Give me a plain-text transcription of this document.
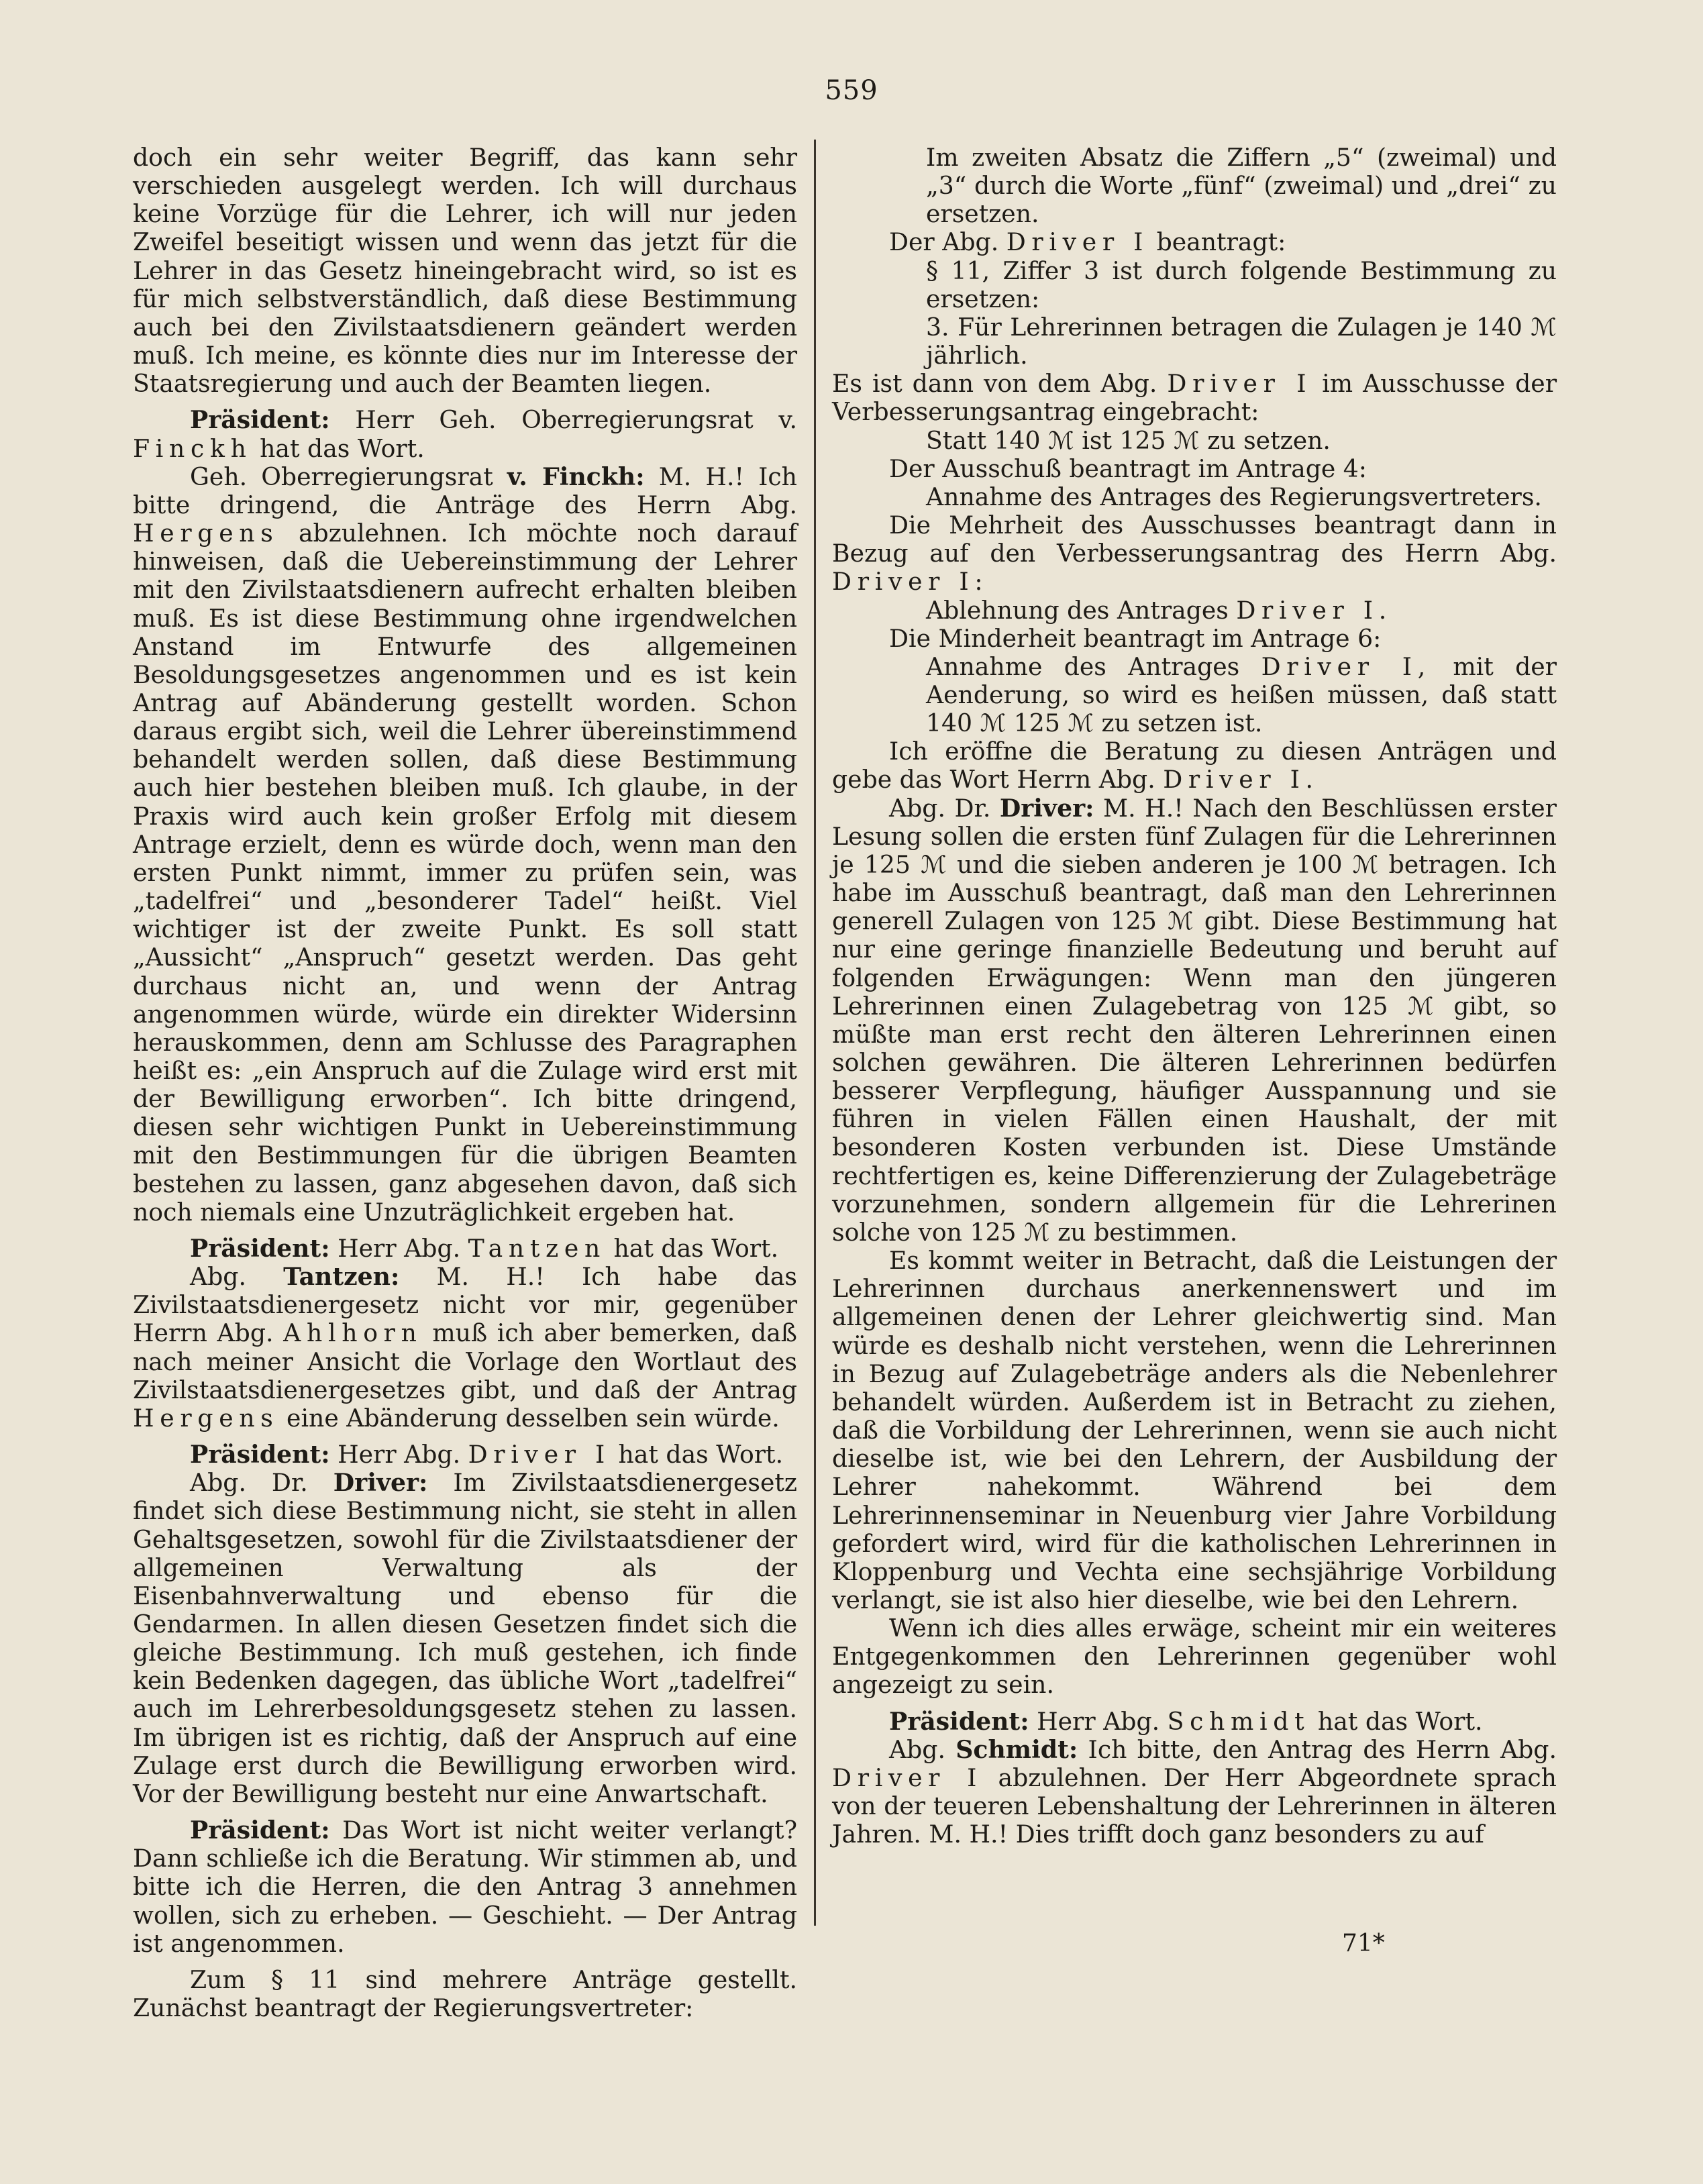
559

doch ein sehr weiter Begriff, das kann sehr verschieden ausgelegt werden. Ich will durchaus keine Vorzüge für die Lehrer, ich will nur jeden Zweifel beseitigt wissen und wenn das jetzt für die Lehrer in das Gesetz hineingebracht wird, so ist es für mich selbstverständlich, daß diese Bestimmung auch bei den Zivilstaatsdienern geändert werden muß. Ich meine, es könnte dies nur im Interesse der Staatsregierung und auch der Beamten liegen.

Präsident: Herr Geh. Oberregierungsrat v. Finckh hat das Wort.

Geh. Oberregierungsrat v. Finckh: M. H.! Ich bitte dringend, die Anträge des Herrn Abg. Hergens abzulehnen. Ich möchte noch darauf hinweisen, daß die Uebereinstimmung der Lehrer mit den Zivilstaatsdienern aufrecht erhalten bleiben muß. Es ist diese Bestimmung ohne irgendwelchen Anstand im Entwurfe des allgemeinen Besoldungsgesetzes angenommen und es ist kein Antrag auf Abänderung gestellt worden. Schon daraus ergibt sich, weil die Lehrer übereinstimmend behandelt werden sollen, daß diese Bestimmung auch hier bestehen bleiben muß. Ich glaube, in der Praxis wird auch kein großer Erfolg mit diesem Antrage erzielt, denn es würde doch, wenn man den ersten Punkt nimmt, immer zu prüfen sein, was „tadelfrei“ und „besonderer Tadel“ heißt. Viel wichtiger ist der zweite Punkt. Es soll statt „Aussicht“ „Anspruch“ gesetzt werden. Das geht durchaus nicht an, und wenn der Antrag angenommen würde, würde ein direkter Widersinn herauskommen, denn am Schlusse des Paragraphen heißt es: „ein Anspruch auf die Zulage wird erst mit der Bewilligung erworben“. Ich bitte dringend, diesen sehr wichtigen Punkt in Uebereinstimmung mit den Bestimmungen für die übrigen Beamten bestehen zu lassen, ganz abgesehen davon, daß sich noch niemals eine Unzuträglichkeit ergeben hat.

Präsident: Herr Abg. Tantzen hat das Wort.

Abg. Tantzen: M. H.! Ich habe das Zivilstaatsdienergesetz nicht vor mir, gegenüber Herrn Abg. Ahlhorn muß ich aber bemerken, daß nach meiner Ansicht die Vorlage den Wortlaut des Zivilstaatsdienergesetzes gibt, und daß der Antrag Hergens eine Abänderung desselben sein würde.

Präsident: Herr Abg. Driver I hat das Wort.

Abg. Dr. Driver: Im Zivilstaatsdienergesetz findet sich diese Bestimmung nicht, sie steht in allen Gehaltsgesetzen, sowohl für die Zivilstaatsdiener der allgemeinen Verwaltung als der Eisenbahnverwaltung und ebenso für die Gendarmen. In allen diesen Gesetzen findet sich die gleiche Bestimmung. Ich muß gestehen, ich finde kein Bedenken dagegen, das übliche Wort „tadelfrei“ auch im Lehrerbesoldungsgesetz stehen zu lassen. Im übrigen ist es richtig, daß der Anspruch auf eine Zulage erst durch die Bewilligung erworben wird. Vor der Bewilligung besteht nur eine Anwartschaft.

Präsident: Das Wort ist nicht weiter verlangt? Dann schließe ich die Beratung. Wir stimmen ab, und bitte ich die Herren, die den Antrag 3 annehmen wollen, sich zu erheben. — Geschieht. — Der Antrag ist angenommen.

Zum § 11 sind mehrere Anträge gestellt. Zunächst beantragt der Regierungsvertreter:

Im zweiten Absatz die Ziffern „5“ (zweimal) und „3“ durch die Worte „fünf“ (zweimal) und „drei“ zu ersetzen.

Der Abg. Driver I beantragt:

§ 11, Ziffer 3 ist durch folgende Bestimmung zu ersetzen:

3. Für Lehrerinnen betragen die Zulagen je 140 ℳ jährlich.

Es ist dann von dem Abg. Driver I im Ausschusse der Verbesserungsantrag eingebracht:

Statt 140 ℳ ist 125 ℳ zu setzen.

Der Ausschuß beantragt im Antrage 4:

Annahme des Antrages des Regierungsvertreters.

Die Mehrheit des Ausschusses beantragt dann in Bezug auf den Verbesserungsantrag des Herrn Abg. Driver I:

Ablehnung des Antrages Driver I.

Die Minderheit beantragt im Antrage 6:

Annahme des Antrages Driver I, mit der Aenderung, so wird es heißen müssen, daß statt 140 ℳ 125 ℳ zu setzen ist.

Ich eröffne die Beratung zu diesen Anträgen und gebe das Wort Herrn Abg. Driver I.

Abg. Dr. Driver: M. H.! Nach den Beschlüssen erster Lesung sollen die ersten fünf Zulagen für die Lehrerinnen je 125 ℳ und die sieben anderen je 100 ℳ betragen. Ich habe im Ausschuß beantragt, daß man den Lehrerinnen generell Zulagen von 125 ℳ gibt. Diese Bestimmung hat nur eine geringe finanzielle Bedeutung und beruht auf folgenden Erwägungen: Wenn man den jüngeren Lehrerinnen einen Zulagebetrag von 125 ℳ gibt, so müßte man erst recht den älteren Lehrerinnen einen solchen gewähren. Die älteren Lehrerinnen bedürfen besserer Verpflegung, häufiger Ausspannung und sie führen in vielen Fällen einen Haushalt, der mit besonderen Kosten verbunden ist. Diese Umstände rechtfertigen es, keine Differenzierung der Zulagebeträge vorzunehmen, sondern allgemein für die Lehrerinen solche von 125 ℳ zu bestimmen.

Es kommt weiter in Betracht, daß die Leistungen der Lehrerinnen durchaus anerkennenswert und im allgemeinen denen der Lehrer gleichwertig sind. Man würde es deshalb nicht verstehen, wenn die Lehrerinnen in Bezug auf Zulagebeträge anders als die Nebenlehrer behandelt würden. Außerdem ist in Betracht zu ziehen, daß die Vorbildung der Lehrerinnen, wenn sie auch nicht dieselbe ist, wie bei den Lehrern, der Ausbildung der Lehrer nahekommt. Während bei dem Lehrerinnenseminar in Neuenburg vier Jahre Vorbildung gefordert wird, wird für die katholischen Lehrerinnen in Kloppenburg und Vechta eine sechsjährige Vorbildung verlangt, sie ist also hier dieselbe, wie bei den Lehrern.

Wenn ich dies alles erwäge, scheint mir ein weiteres Entgegenkommen den Lehrerinnen gegenüber wohl angezeigt zu sein.

Präsident: Herr Abg. Schmidt hat das Wort.

Abg. Schmidt: Ich bitte, den Antrag des Herrn Abg. Driver I abzulehnen. Der Herr Abgeordnete sprach von der teueren Lebenshaltung der Lehrerinnen in älteren Jahren. M. H.! Dies trifft doch ganz besonders zu auf

71*
